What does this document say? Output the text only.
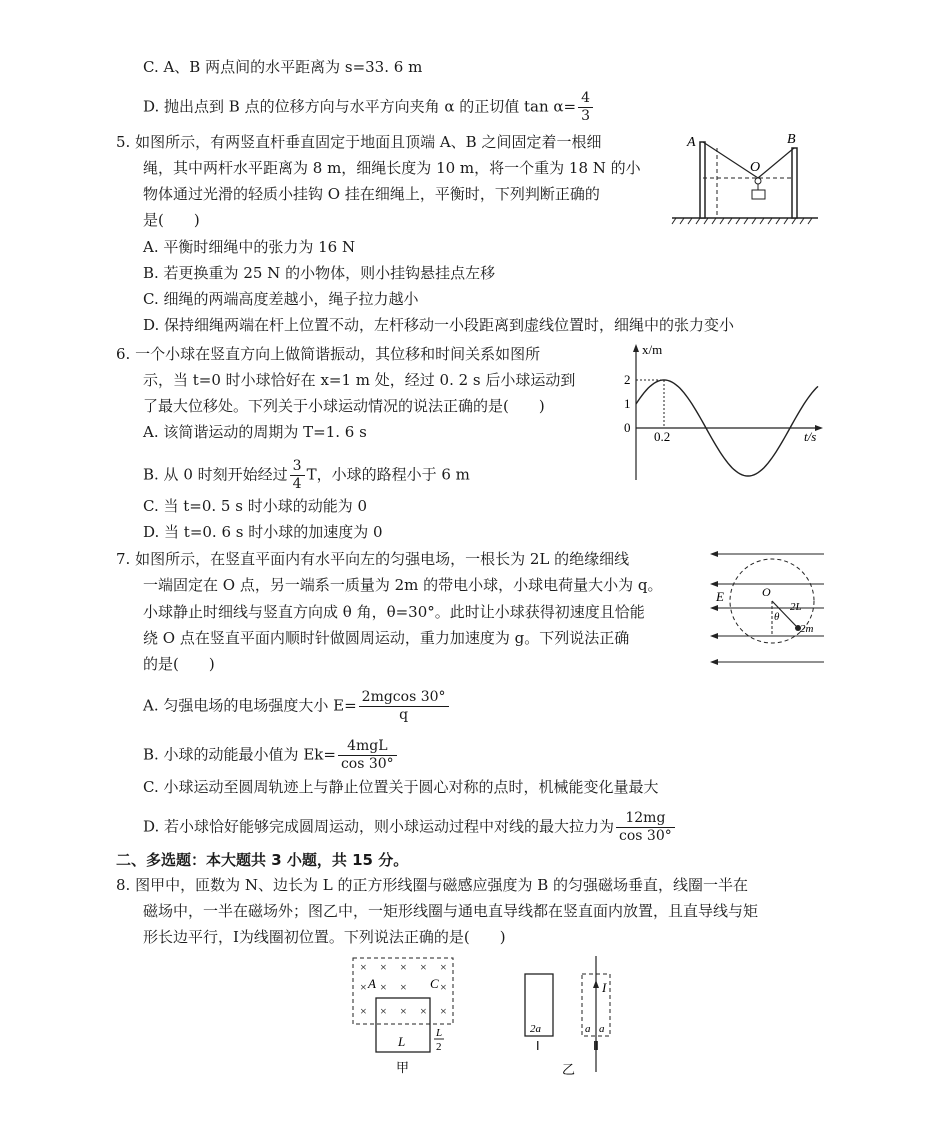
C. A、B 两点间的水平距离为 s=33. 6 m
D. 抛出点到 B 点的位移方向与水平方向夹角 α 的正切值 $\tan \alpha= \frac{4}{3}$
5. 如图所示，有两竖直杆垂直固定于地面且顶端 A、B 之间固定着一根细
绳，其中两杆水平距离为 8 m，细绳长度为 10 m，将一个重为 18 N 的小
物体通过光滑的轻质小挂钩 O 挂在细绳上，平衡时，下列判断正确的
是(　　)
A. 平衡时细绳中的张力为 16 N
B. 若更换重为 25 N 的小物体，则小挂钩悬挂点左移
C. 细绳的两端高度差越小，绳子拉力越小
D. 保持细绳两端在杆上位置不动，左杆移动一小段距离到虚线位置时，细绳中的张力变小
A	B
O
6. 一个小球在竖直方向上做简谐振动，其位移和时间关系如图所
示，当 t=0 时小球恰好在 x=1 m 处，经过 0. 2 s 后小球运动到
了最大位移处。下列关于小球运动情况的说法正确的是(　　)
A. 该简谐运动的周期为 T=1. 6 s
B. 从 0 时刻开始经过 $\frac{3}{4}$ T，小球的路程小于 6 m
C. 当 t=0. 5 s 时小球的动能为 0
D. 当 t=0. 6 s 时小球的加速度为 0
x/m
t/s
2
1
0
0.2
7. 如图所示，在竖直平面内有水平向左的匀强电场，一根长为 2L 的绝缘细线
一端固定在 O 点，另一端系一质量为 2m 的带电小球，小球电荷量大小为 q。
小球静止时细线与竖直方向成 θ 角，θ=30°。此时让小球获得初速度且恰能
绕 O 点在竖直平面内顺时针做圆周运动，重力加速度为 g。下列说法正确
的是(　　)
A. 匀强电场的电场强度大小 $E= \frac{2mgcos 30^\circ}{q}$
B. 小球的动能最小值为 $Ek= \frac{\text{4mgL}}{\cos 30^\circ}$
C. 小球运动至圆周轨迹上与静止位置关于圆心对称的点时，机械能变化量最大
D. 若小球恰好能够完成圆周运动，则小球运动过程中对线的最大拉力为 $\frac{12mg}{\cos 30^\circ}$
E	O
2L
θ
2m
二、多选题：本大题共 3 小题，共 15 分。
8. 图甲中，匝数为 N、边长为 L 的正方形线圈与磁感应强度为 B 的匀强磁场垂直，线圈一半在
磁场中，一半在磁场外；图乙中，一矩形线圈与通电直导线都在竖直面内放置，且直导线与矩
形长边平行，Ⅰ为线圈初位置。下列说法正确的是(　　)
× × × × ×
× × ×	×
× × × × ×
A	C
L
L
2
甲
2a
Ⅰ
I
a a
Ⅱ
乙
